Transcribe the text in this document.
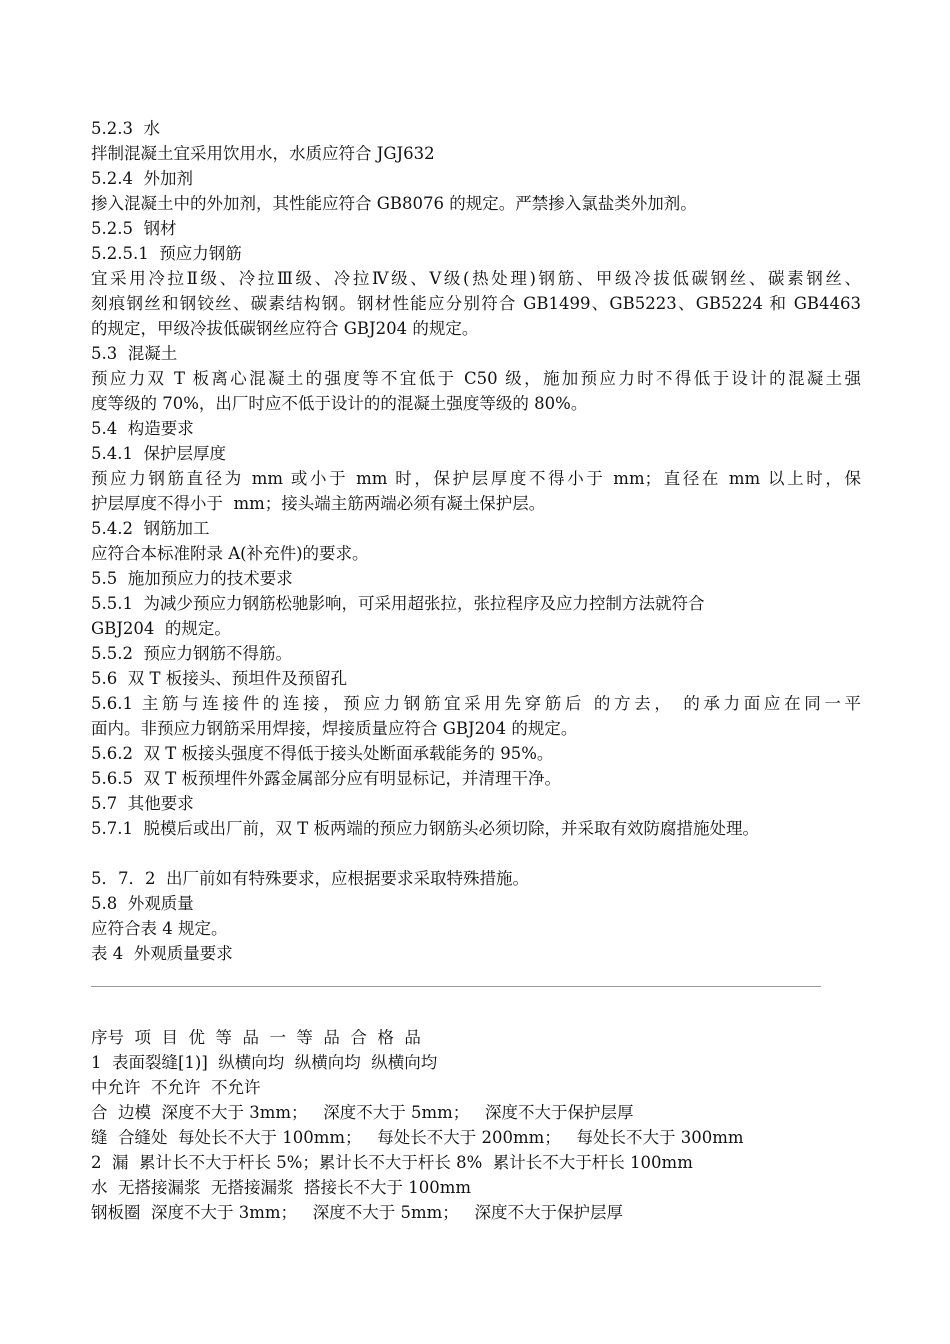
5.2.3  水
拌制混凝土宜采用饮用水，水质应符合 JGJ632
5.2.4  外加剂
掺入混凝土中的外加剂，其性能应符合 GB8076 的规定。严禁掺入氯盐类外加剂。
5.2.5  钢材
5.2.5.1  预应力钢筋
宜采用冷拉Ⅱ级、冷拉Ⅲ级、冷拉Ⅳ级、Ⅴ级(热处理)钢筋、甲级冷拔低碳钢丝、碳素钢丝、
刻痕钢丝和钢铰丝、碳素结构钢。钢材性能应分别符合 GB1499、GB5223、GB5224 和 GB4463
的规定，甲级冷拔低碳钢丝应符合 GBJ204 的规定。
5.3  混凝土
预应力双 T 板离心混凝土的强度等不宜低于 C50 级，施加预应力时不得低于设计的混凝土强
度等级的 70%，出厂时应不低于设计的的混凝土强度等级的 80%。
5.4  构造要求
5.4.1  保护层厚度
预应力钢筋直径为 mm 或小于 mm 时，保护层厚度不得小于 mm；直径在 mm 以上时，保
护层厚度不得小于  mm；接头端主筋两端必须有凝土保护层。
5.4.2  钢筋加工
应符合本标准附录 A(补充件)的要求。
5.5  施加预应力的技术要求
5.5.1  为减少预应力钢筋松驰影响，可采用超张拉，张拉程序及应力控制方法就符合
GBJ204  的规定。
5.5.2  预应力钢筋不得筋。
5.6  双 T 板接头、预坦件及预留孔
5.6.1 主筋与连接件的连接，预应力钢筋宜采用先穿筋后 的方去， 的承力面应在同一平
面内。非预应力钢筋采用焊接，焊接质量应符合 GBJ204 的规定。
5.6.2  双 T 板接头强度不得低于接头处断面承载能务的 95%。
5.6.5  双 T 板预埋件外露金属部分应有明显标记，并清理干净。
5.7  其他要求
5.7.1  脱模后或出厂前，双 T 板两端的预应力钢筋头必须切除，并采取有效防腐措施处理。
5．7．2  出厂前如有特殊要求，应根据要求采取特殊措施。
5.8  外观质量
应符合表 4 规定。
表 4  外观质量要求
序号  项  目  优  等  品  一  等  品  合  格  品
1  表面裂缝[1)]  纵横向均  纵横向均  纵横向均
中允许  不允许  不允许
合  边模  深度不大于 3mm；   深度不大于 5mm；   深度不大于保护层厚
缝  合缝处  每处长不大于 100mm；   每处长不大于 200mm；   每处长不大于 300mm
2  漏  累计长不大于杆长 5%；累计长不大于杆长 8%  累计长不大于杆长 100mm
水  无搭接漏浆  无搭接漏浆  搭接长不大于 100mm
钢板圈  深度不大于 3mm；   深度不大于 5mm；   深度不大于保护层厚
